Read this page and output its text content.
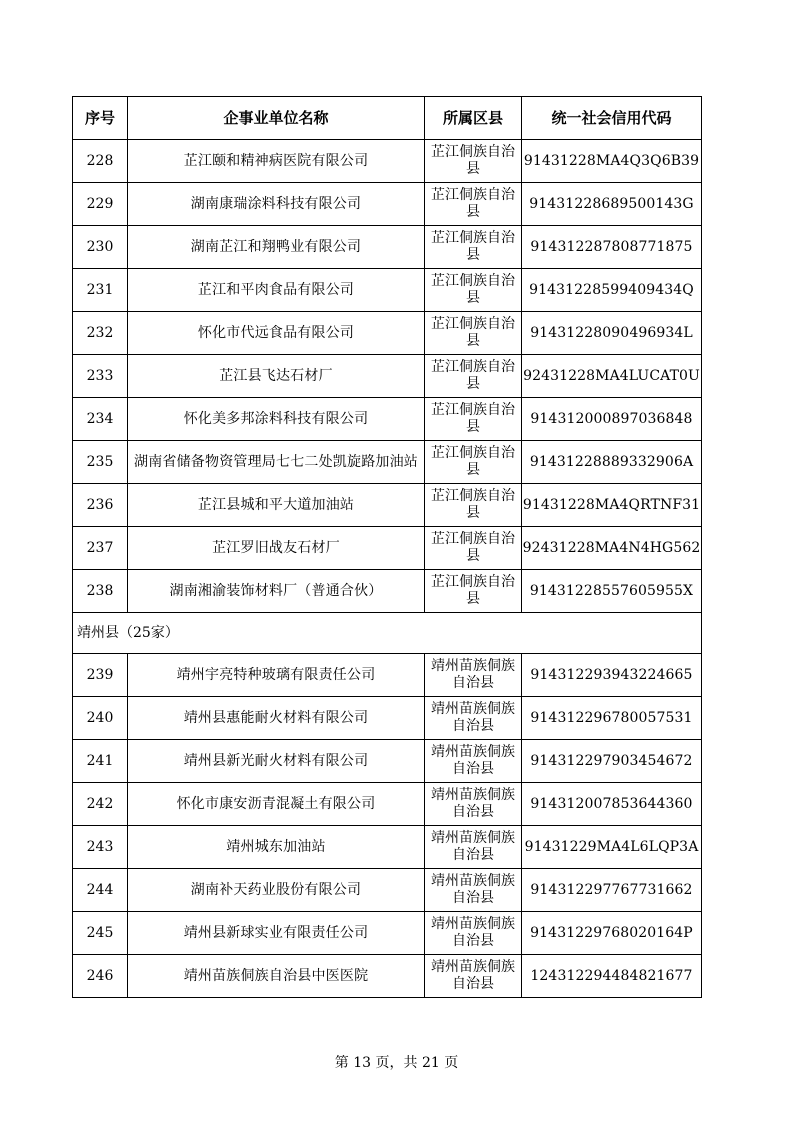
序号	企事业单位名称	所属区县	统一社会信用代码
228	芷江颐和精神病医院有限公司	芷江侗族自治县	91431228MA4Q3Q6B39
229	湖南康瑞涂料科技有限公司	芷江侗族自治县	91431228689500143G
230	湖南芷江和翔鸭业有限公司	芷江侗族自治县	914312287808771875
231	芷江和平肉食品有限公司	芷江侗族自治县	91431228599409434Q
232	怀化市代远食品有限公司	芷江侗族自治县	91431228090496934L
233	芷江县飞达石材厂	芷江侗族自治县	92431228MA4LUCAT0U
234	怀化美多邦涂料科技有限公司	芷江侗族自治县	914312000897036848
235	湖南省储备物资管理局七七二处凯旋路加油站	芷江侗族自治县	91431228889332906A
236	芷江县城和平大道加油站	芷江侗族自治县	91431228MA4QRTNF31
237	芷江罗旧战友石材厂	芷江侗族自治县	92431228MA4N4HG562
238	湖南湘渝装饰材料厂（普通合伙）	芷江侗族自治县	91431228557605955X
靖州县（25家）			
239	靖州宇亮特种玻璃有限责任公司	靖州苗族侗族自治县	914312293943224665
240	靖州县惠能耐火材料有限公司	靖州苗族侗族自治县	914312296780057531
241	靖州县新光耐火材料有限公司	靖州苗族侗族自治县	914312297903454672
242	怀化市康安沥青混凝土有限公司	靖州苗族侗族自治县	914312007853644360
243	靖州城东加油站	靖州苗族侗族自治县	91431229MA4L6LQP3A
244	湖南补天药业股份有限公司	靖州苗族侗族自治县	914312297767731662
245	靖州县新球实业有限责任公司	靖州苗族侗族自治县	91431229768020164P
246	靖州苗族侗族自治县中医医院	靖州苗族侗族自治县	124312294484821677
第 13 页，共 21 页
